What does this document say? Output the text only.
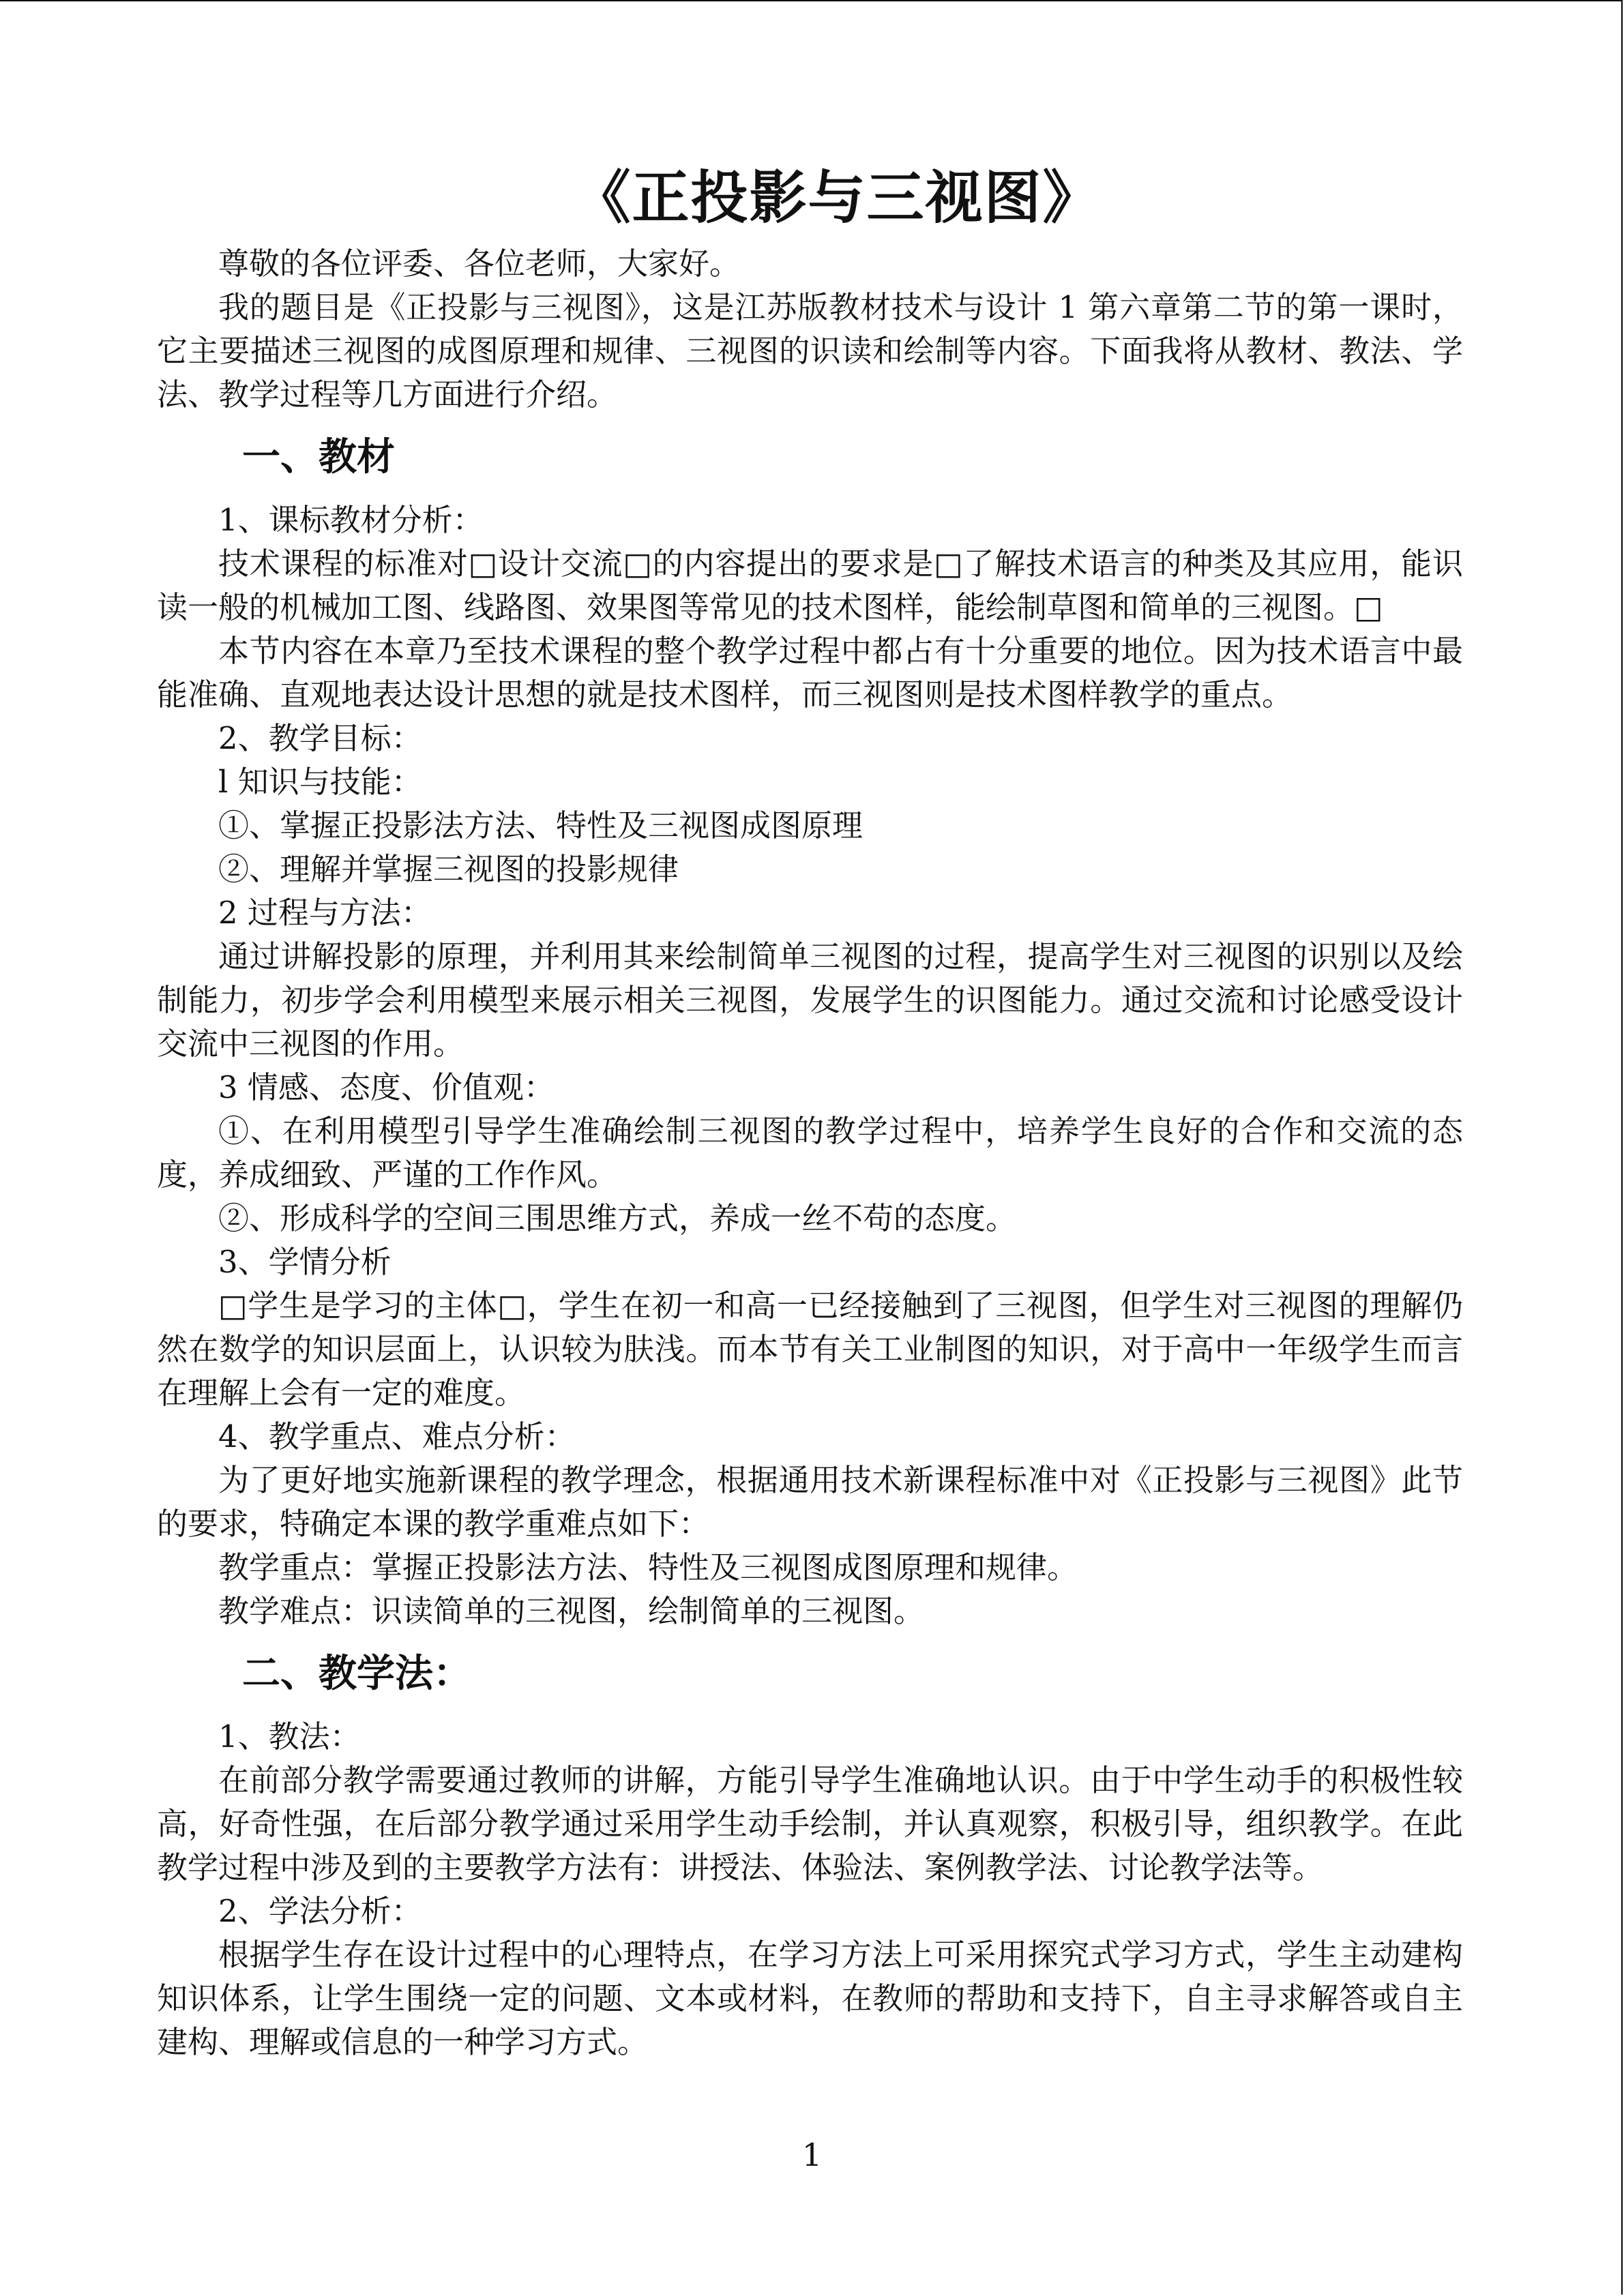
《正投影与三视图》

尊敬的各位评委、各位老师，大家好。

我的题目是《正投影与三视图》，这是江苏版教材技术与设计 1 第六章第二节的第一课时，它主要描述三视图的成图原理和规律、三视图的识读和绘制等内容。下面我将从教材、教法、学法、教学过程等几方面进行介绍。

一、教材

1、课标教材分析：

技术课程的标准对□设计交流□的内容提出的要求是□了解技术语言的种类及其应用，能识读一般的机械加工图、线路图、效果图等常见的技术图样，能绘制草图和简单的三视图。□

本节内容在本章乃至技术课程的整个教学过程中都占有十分重要的地位。因为技术语言中最能准确、直观地表达设计思想的就是技术图样，而三视图则是技术图样教学的重点。

2、教学目标：

l 知识与技能：

①、掌握正投影法方法、特性及三视图成图原理

②、理解并掌握三视图的投影规律

2 过程与方法：

通过讲解投影的原理，并利用其来绘制简单三视图的过程，提高学生对三视图的识别以及绘制能力，初步学会利用模型来展示相关三视图，发展学生的识图能力。通过交流和讨论感受设计交流中三视图的作用。

3 情感、态度、价值观：

①、在利用模型引导学生准确绘制三视图的教学过程中，培养学生良好的合作和交流的态度，养成细致、严谨的工作作风。

②、形成科学的空间三围思维方式，养成一丝不苟的态度。

3、学情分析

□学生是学习的主体□，学生在初一和高一已经接触到了三视图，但学生对三视图的理解仍然在数学的知识层面上，认识较为肤浅。而本节有关工业制图的知识，对于高中一年级学生而言在理解上会有一定的难度。

4、教学重点、难点分析：

为了更好地实施新课程的教学理念，根据通用技术新课程标准中对《正投影与三视图》此节的要求，特确定本课的教学重难点如下：

教学重点：掌握正投影法方法、特性及三视图成图原理和规律。

教学难点：识读简单的三视图，绘制简单的三视图。

二、教学法：

1、教法：

在前部分教学需要通过教师的讲解，方能引导学生准确地认识。由于中学生动手的积极性较高，好奇性强，在后部分教学通过采用学生动手绘制，并认真观察，积极引导，组织教学。在此教学过程中涉及到的主要教学方法有：讲授法、体验法、案例教学法、讨论教学法等。

2、学法分析：

根据学生存在设计过程中的心理特点，在学习方法上可采用探究式学习方式，学生主动建构知识体系，让学生围绕一定的问题、文本或材料，在教师的帮助和支持下，自主寻求解答或自主建构、理解或信息的一种学习方式。

1
